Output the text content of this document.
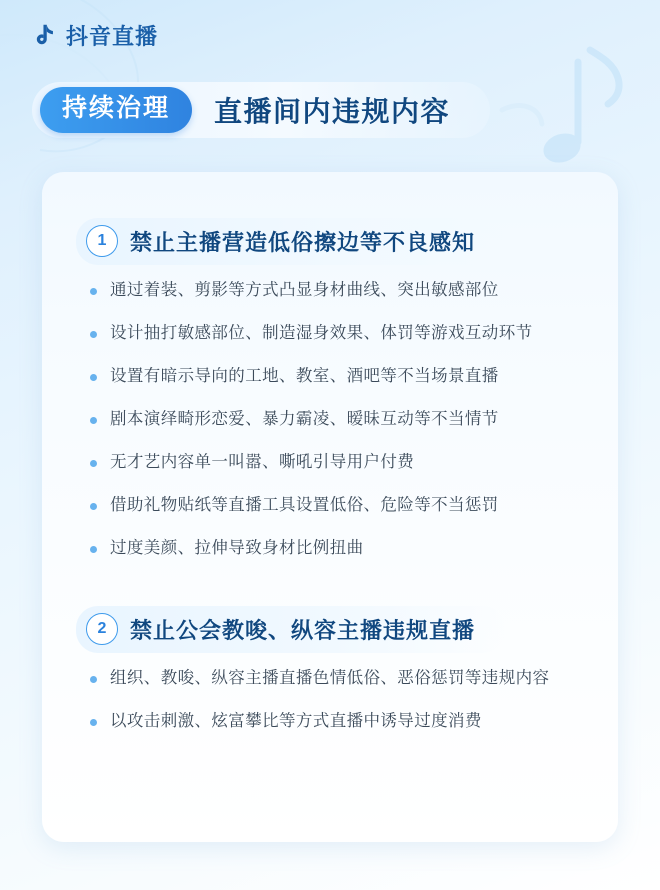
抖音直播
持续治理	直播间内违规内容
1	禁止主播营造低俗擦边等不良感知
通过着装、剪影等方式凸显身材曲线、突出敏感部位
设计抽打敏感部位、制造湿身效果、体罚等游戏互动环节
设置有暗示导向的工地、教室、酒吧等不当场景直播
剧本演绎畸形恋爱、暴力霸凌、暧昧互动等不当情节
无才艺内容单一叫嚣、嘶吼引导用户付费
借助礼物贴纸等直播工具设置低俗、危险等不当惩罚
过度美颜、拉伸导致身材比例扭曲
2	禁止公会教唆、纵容主播违规直播
组织、教唆、纵容主播直播色情低俗、恶俗惩罚等违规内容
以攻击刺激、炫富攀比等方式直播中诱导过度消费
